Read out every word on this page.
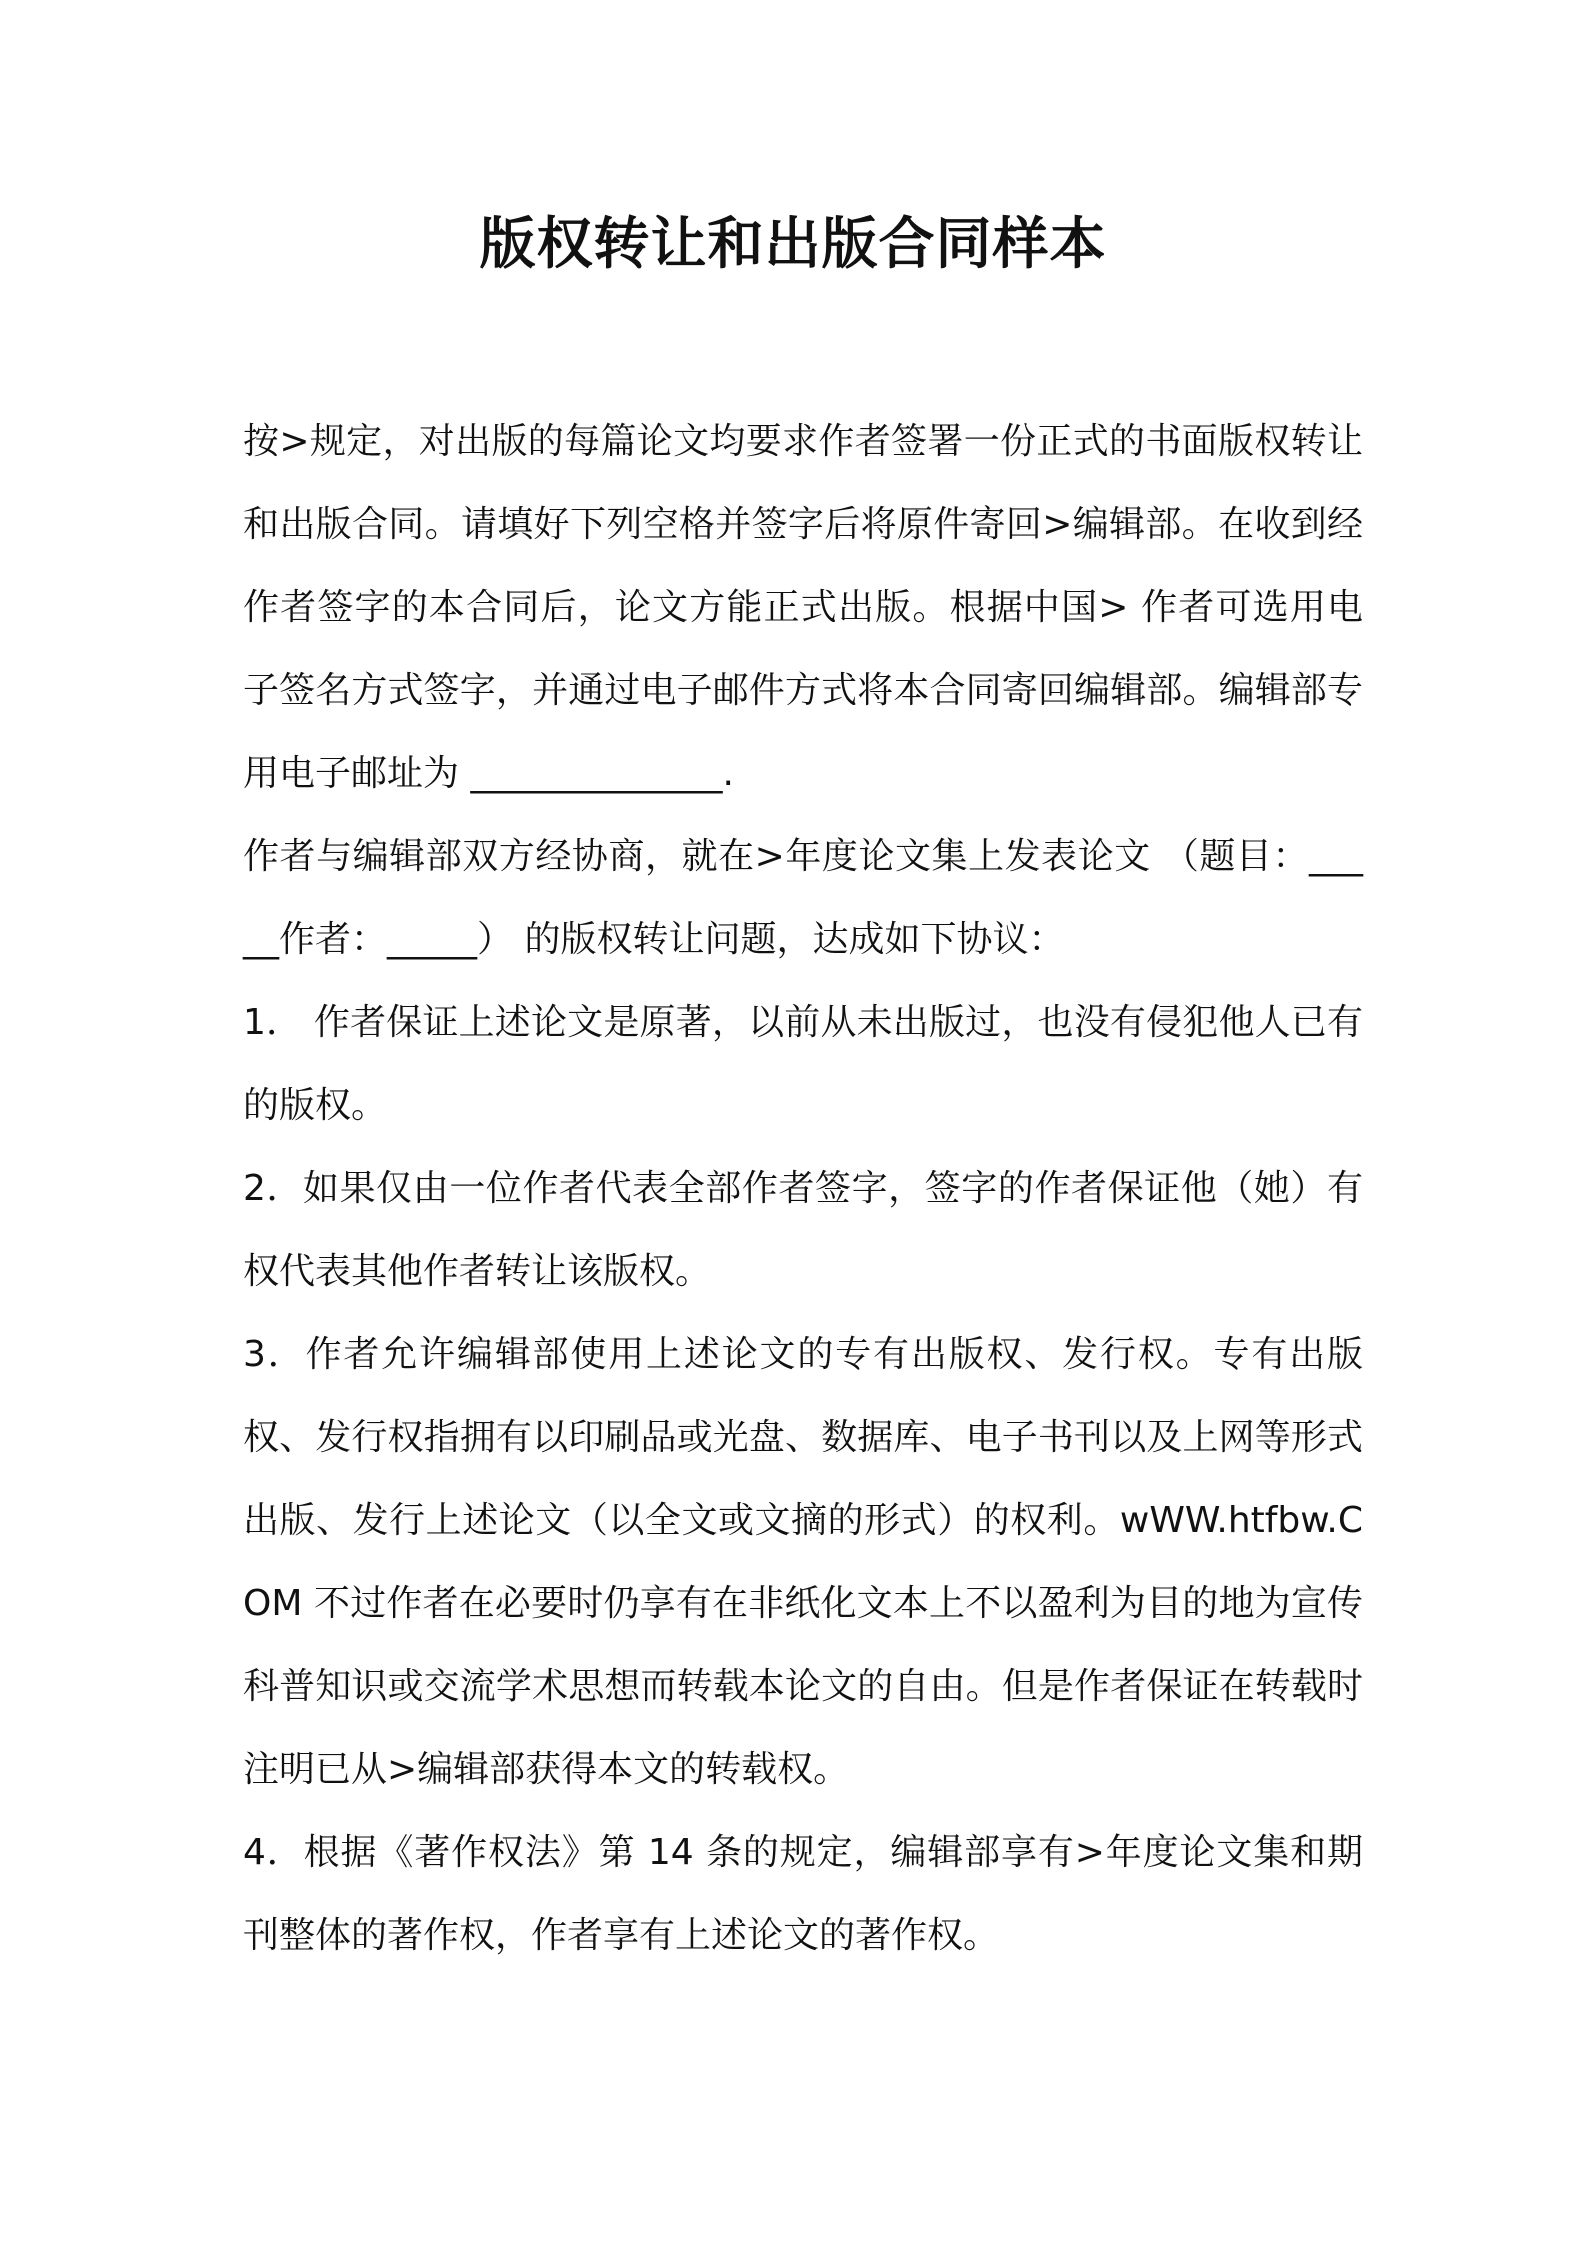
版权转让和出版合同样本

按>规定，对出版的每篇论文均要求作者签署一份正式的书面版权转让和出版合同。请填好下列空格并签字后将原件寄回>编辑部。在收到经作者签字的本合同后，论文方能正式出版。根据中国> 作者可选用电子签名方式签字，并通过电子邮件方式将本合同寄回编辑部。编辑部专用电子邮址为 ______________.

作者与编辑部双方经协商，就在>年度论文集上发表论文 （题目：_____作者：_____） 的版权转让问题，达成如下协议：

1． 作者保证上述论文是原著，以前从未出版过，也没有侵犯他人已有的版权。

2．如果仅由一位作者代表全部作者签字，签字的作者保证他（她）有权代表其他作者转让该版权。

3．作者允许编辑部使用上述论文的专有出版权、发行权。专有出版权、发行权指拥有以印刷品或光盘、数据库、电子书刊以及上网等形式出版、发行上述论文（以全文或文摘的形式）的权利。wWW.htfbw.COM 不过作者在必要时仍享有在非纸化文本上不以盈利为目的地为宣传科普知识或交流学术思想而转载本论文的自由。但是作者保证在转载时注明已从>编辑部获得本文的转载权。

4．根据《著作权法》第 14 条的规定，编辑部享有>年度论文集和期刊整体的著作权，作者享有上述论文的著作权。
